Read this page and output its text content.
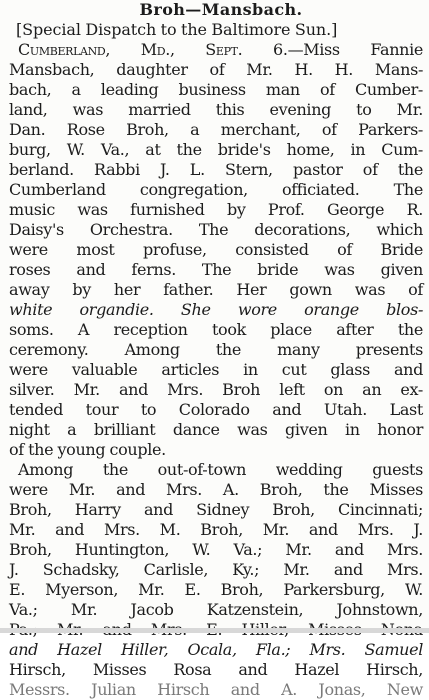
Broh—Mansbach.
[Special Dispatch to the Baltimore Sun.]
Cumberland, Md., Sept. 6.—Miss Fannie
Mansbach, daughter of Mr. H. H. Mans-
bach, a leading business man of Cumber-
land, was married this evening to Mr.
Dan. Rose Broh, a merchant, of Parkers-
burg, W. Va., at the bride's home, in Cum-
berland. Rabbi J. L. Stern, pastor of the
Cumberland congregation, officiated. The
music was furnished by Prof. George R.
Daisy's Orchestra. The decorations, which
were most profuse, consisted of Bride
roses and ferns. The bride was given
away by her father. Her gown was of
white organdie. She wore orange blos-
soms. A reception took place after the
ceremony. Among the many presents
were valuable articles in cut glass and
silver. Mr. and Mrs. Broh left on an ex-
tended tour to Colorado and Utah. Last
night a brilliant dance was given in honor
of the young couple.
Among the out-of-town wedding guests
were Mr. and Mrs. A. Broh, the Misses
Broh, Harry and Sidney Broh, Cincinnati;
Mr. and Mrs. M. Broh, Mr. and Mrs. J.
Broh, Huntington, W. Va.; Mr. and Mrs.
J. Schadsky, Carlisle, Ky.; Mr. and Mrs.
E. Myerson, Mr. E. Broh, Parkersburg, W.
Va.; Mr. Jacob Katzenstein, Johnstown,
and Hazel Hiller, Ocala, Fla.; Mrs. Samuel
Hirsch, Misses Rosa and Hazel Hirsch,
Messrs. Julian Hirsch and A. Jonas, New
